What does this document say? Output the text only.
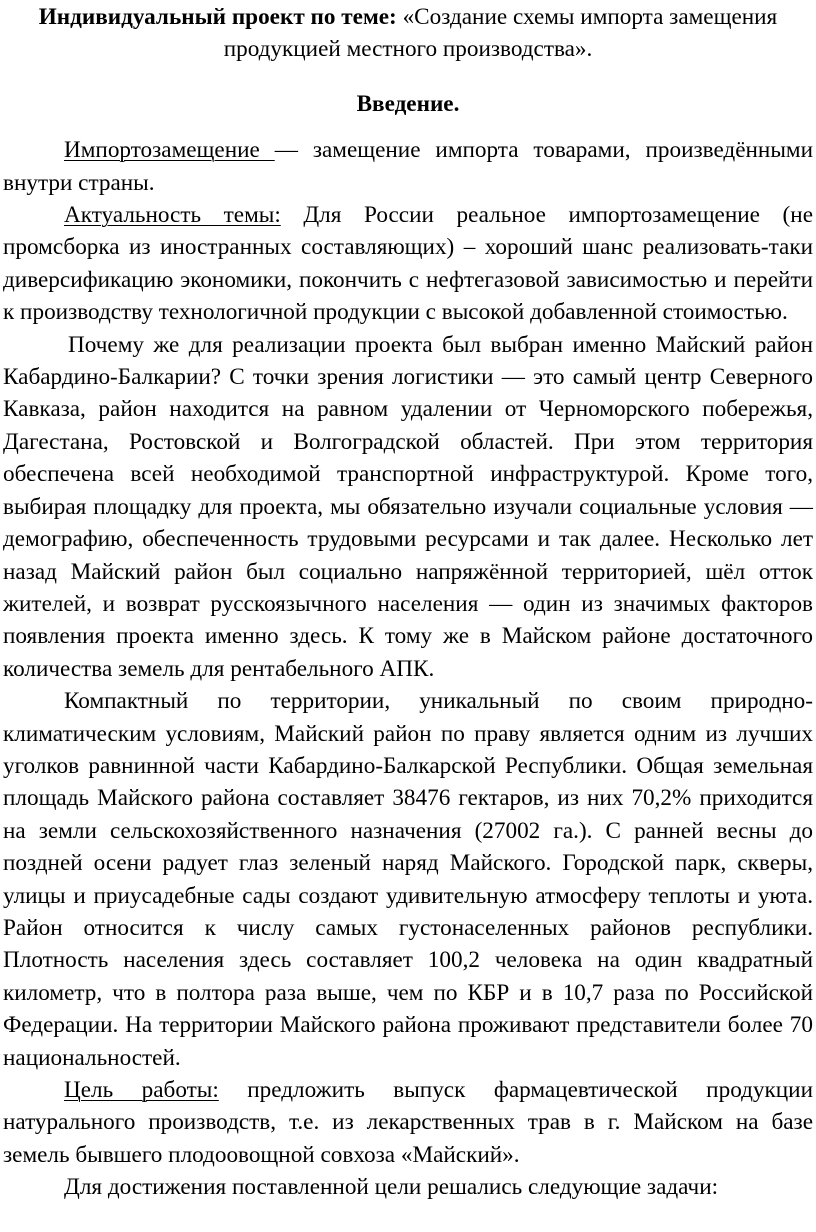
Индивидуальный проект по теме: «Создание схемы импорта замещения продукцией местного производства».

Введение.

Импортозамещение — замещение импорта товарами, произведёнными внутри страны.

Актуальность темы: Для России реальное импортозамещение (не промсборка из иностранных составляющих) – хороший шанс реализовать-таки диверсификацию экономики, покончить с нефтегазовой зависимостью и перейти к производству технологичной продукции с высокой добавленной стоимостью.

Почему же для реализации проекта был выбран именно Майский район Кабардино-Балкарии? С точки зрения логистики — это самый центр Северного Кавказа, район находится на равном удалении от Черноморского побережья, Дагестана, Ростовской и Волгоградской областей. При этом территория обеспечена всей необходимой транспортной инфраструктурой. Кроме того, выбирая площадку для проекта, мы обязательно изучали социальные условия — демографию, обеспеченность трудовыми ресурсами и так далее. Несколько лет назад Майский район был социально напряжённой территорией, шёл отток жителей, и возврат русскоязычного населения — один из значимых факторов появления проекта именно здесь. К тому же в Майском районе достаточного количества земель для рентабельного АПК.

Компактный по территории, уникальный по своим природно-климатическим условиям, Майский район по праву является одним из лучших уголков равнинной части Кабардино-Балкарской Республики. Общая земельная площадь Майского района составляет 38476 гектаров, из них 70,2% приходится на земли сельскохозяйственного назначения (27002 га.). С ранней весны до поздней осени радует глаз зеленый наряд Майского. Городской парк, скверы, улицы и приусадебные сады создают удивительную атмосферу теплоты и уюта. Район относится к числу самых густонаселенных районов республики. Плотность населения здесь составляет 100,2 человека на один квадратный километр, что в полтора раза выше, чем по КБР и в 10,7 раза по Российской Федерации. На территории Майского района проживают представители более 70 национальностей.

Цель работы: предложить выпуск фармацевтической продукции натурального производств, т.е. из лекарственных трав в г. Майском на базе земель бывшего плодоовощной совхоза «Майский».

Для достижения поставленной цели решались следующие задачи:
